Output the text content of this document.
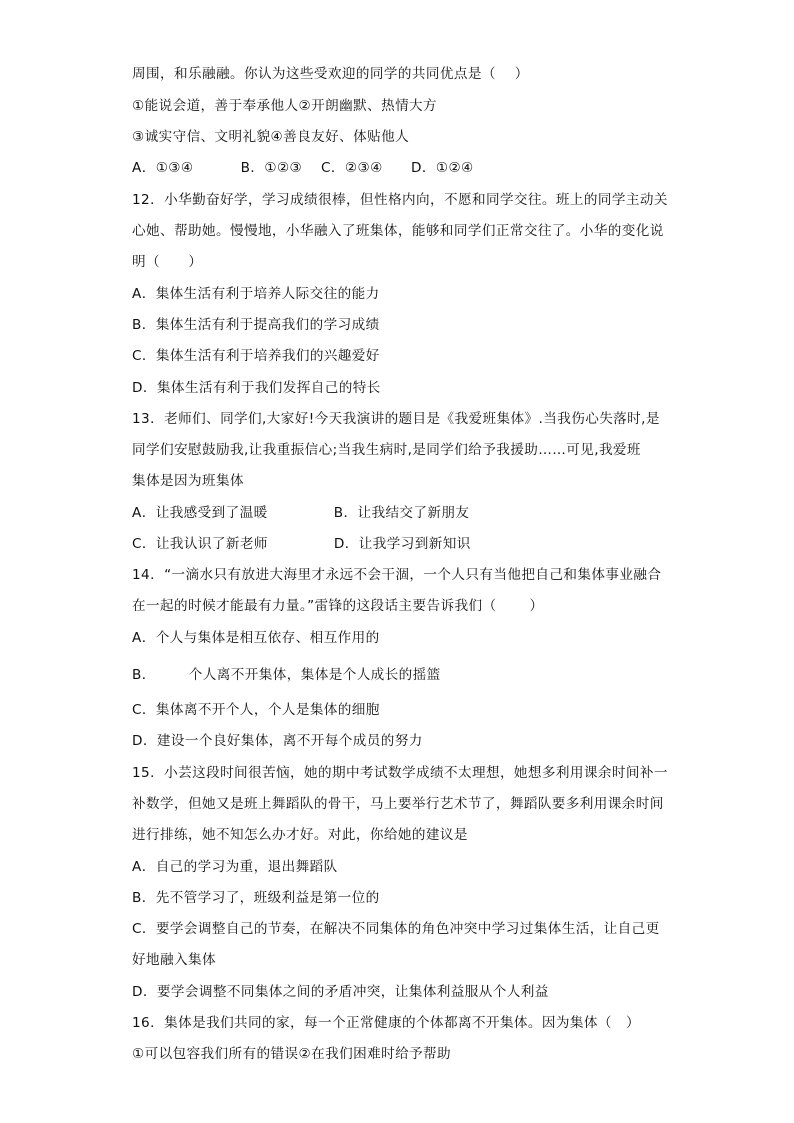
周围，和乐融融。你认为这些受欢迎的同学的共同优点是（    ）
①能说会道，善于奉承他人②开朗幽默、热情大方
③诚实守信、文明礼貌④善良友好、体贴他人
A．①③④          B．①②③    C．②③④      D．①②④
12．小华勤奋好学，学习成绩很棒，但性格内向，不愿和同学交往。班上的同学主动关
心她、帮助她。慢慢地，小华融入了班集体，能够和同学们正常交往了。小华的变化说
明（      ）
A．集体生活有利于培养人际交往的能力
B．集体生活有利于提高我们的学习成绩
C．集体生活有利于培养我们的兴趣爱好
D．集体生活有利于我们发挥自己的特长
13．老师们、同学们,大家好!今天我演讲的题目是《我爱班集体》.当我伤心失落时,是
同学们安慰鼓励我,让我重振信心;当我生病时,是同学们给予我援助……可见,我爱班
集体是因为班集体
A．让我感受到了温暖              B．让我结交了新朋友
C．让我认识了新老师              D．让我学习到新知识
14．“一滴水只有放进大海里才永远不会干涸，一个人只有当他把自己和集体事业融合
在一起的时候才能最有力量。”雷锋的这段话主要告诉我们（       ）
A．个人与集体是相互依存、相互作用的
B．       个人离不开集体，集体是个人成长的摇篮
C．集体离不开个人，个人是集体的细胞
D．建设一个良好集体，离不开每个成员的努力
15．小芸这段时间很苦恼，她的期中考试数学成绩不太理想，她想多利用课余时间补一
补数学，但她又是班上舞蹈队的骨干，马上要举行艺术节了，舞蹈队要多利用课余时间
进行排练，她不知怎么办才好。对此，你给她的建议是
A．自己的学习为重，退出舞蹈队
B．先不管学习了，班级利益是第一位的
C．要学会调整自己的节奏，在解决不同集体的角色冲突中学习过集体生活，让自己更
好地融入集体
D．要学会调整不同集体之间的矛盾冲突，让集体利益服从个人利益
16．集体是我们共同的家，每一个正常健康的个体都离不开集体。因为集体（   ）
①可以包容我们所有的错误②在我们困难时给予帮助
